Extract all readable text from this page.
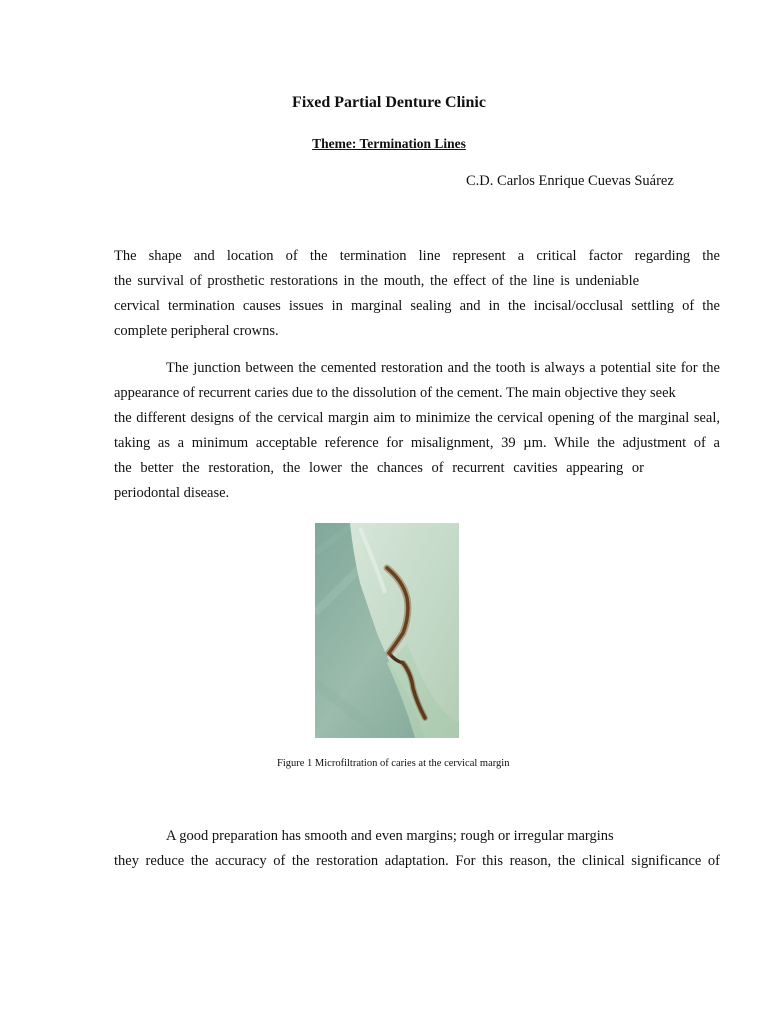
Fixed Partial Denture Clinic
Theme: Termination Lines
C.D. Carlos Enrique Cuevas Suárez
The shape and location of the termination line represent a critical factor regarding the
the survival of prosthetic restorations in the mouth, the effect of the line is undeniable
cervical termination causes issues in marginal sealing and in the incisal/occlusal settling of the
complete peripheral crowns.
The junction between the cemented restoration and the tooth is always a potential site for the
appearance of recurrent caries due to the dissolution of the cement. The main objective they seek
the different designs of the cervical margin aim to minimize the cervical opening of the marginal seal,
taking as a minimum acceptable reference for misalignment, 39 µm. While the adjustment of a
the better the restoration, the lower the chances of recurrent cavities appearing or
periodontal disease.
Figure 1 Microfiltration of caries at the cervical margin
A good preparation has smooth and even margins; rough or irregular margins
they reduce the accuracy of the restoration adaptation. For this reason, the clinical significance of
